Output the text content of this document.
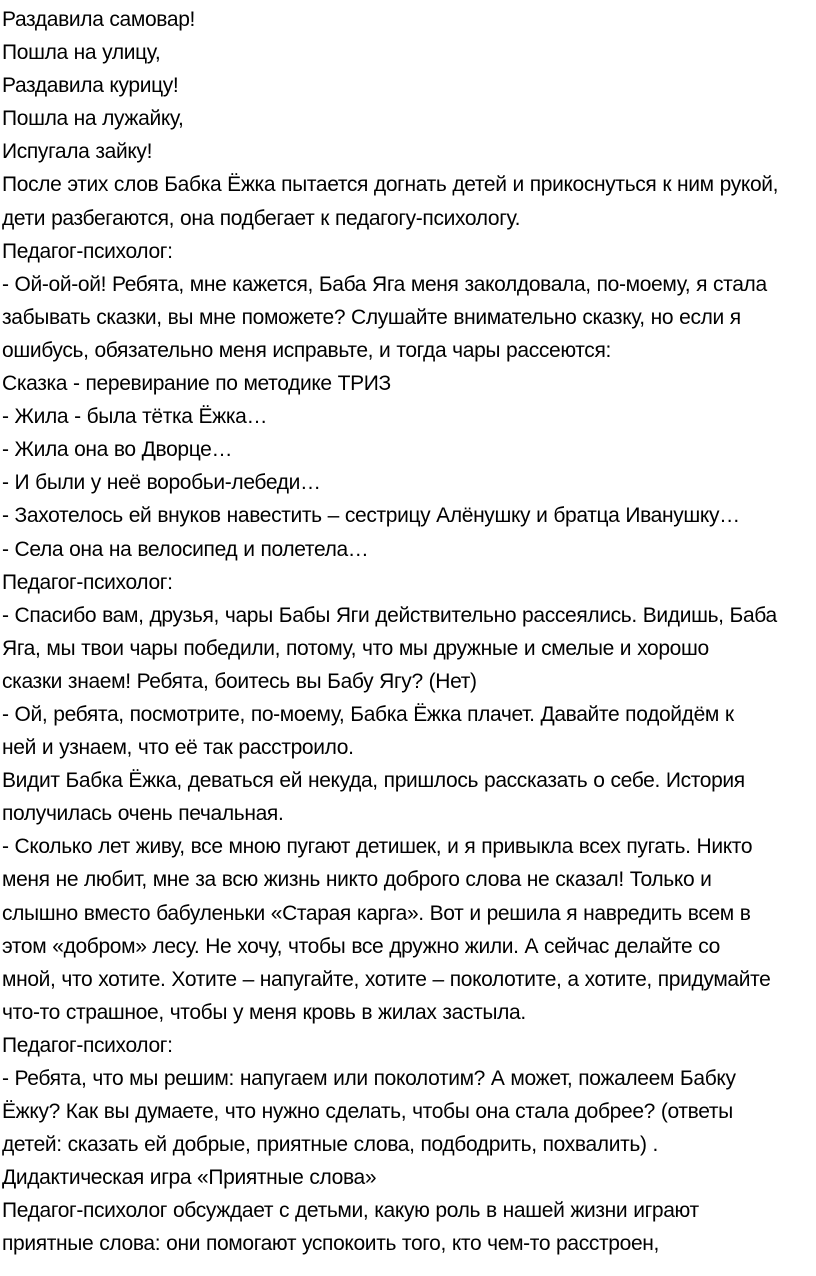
Раздавила самовар!
Пошла на улицу,
Раздавила курицу!
Пошла на лужайку,
Испугала зайку!
После этих слов Бабка Ёжка пытается догнать детей и прикоснуться к ним рукой,
дети разбегаются, она подбегает к педагогу-психологу.
Педагог-психолог:
- Ой-ой-ой! Ребята, мне кажется, Баба Яга меня заколдовала, по-моему, я стала
забывать сказки, вы мне поможете? Слушайте внимательно сказку, но если я
ошибусь, обязательно меня исправьте, и тогда чары рассеются:
Сказка - перевирание по методике ТРИЗ
- Жила - была тётка Ёжка…
- Жила она во Дворце…
- И были у неё воробьи-лебеди…
- Захотелось ей внуков навестить – сестрицу Алёнушку и братца Иванушку…
- Села она на велосипед и полетела…
Педагог-психолог:
- Спасибо вам, друзья, чары Бабы Яги действительно рассеялись. Видишь, Баба
Яга, мы твои чары победили, потому, что мы дружные и смелые и хорошо
сказки знаем! Ребята, боитесь вы Бабу Ягу? (Нет)
- Ой, ребята, посмотрите, по-моему, Бабка Ёжка плачет. Давайте подойдём к
ней и узнаем, что её так расстроило.
Видит Бабка Ёжка, деваться ей некуда, пришлось рассказать о себе. История
получилась очень печальная.
- Сколько лет живу, все мною пугают детишек, и я привыкла всех пугать. Никто
меня не любит, мне за всю жизнь никто доброго слова не сказал! Только и
слышно вместо бабуленьки «Старая карга». Вот и решила я навредить всем в
этом «добром» лесу. Не хочу, чтобы все дружно жили. А сейчас делайте со
мной, что хотите. Хотите – напугайте, хотите – поколотите, а хотите, придумайте
что-то страшное, чтобы у меня кровь в жилах застыла.
Педагог-психолог:
- Ребята, что мы решим: напугаем или поколотим? А может, пожалеем Бабку
Ёжку? Как вы думаете, что нужно сделать, чтобы она стала добрее? (ответы
детей: сказать ей добрые, приятные слова, подбодрить, похвалить) .
Дидактическая игра «Приятные слова»
Педагог-психолог обсуждает с детьми, какую роль в нашей жизни играют
приятные слова: они помогают успокоить того, кто чем-то расстроен,
